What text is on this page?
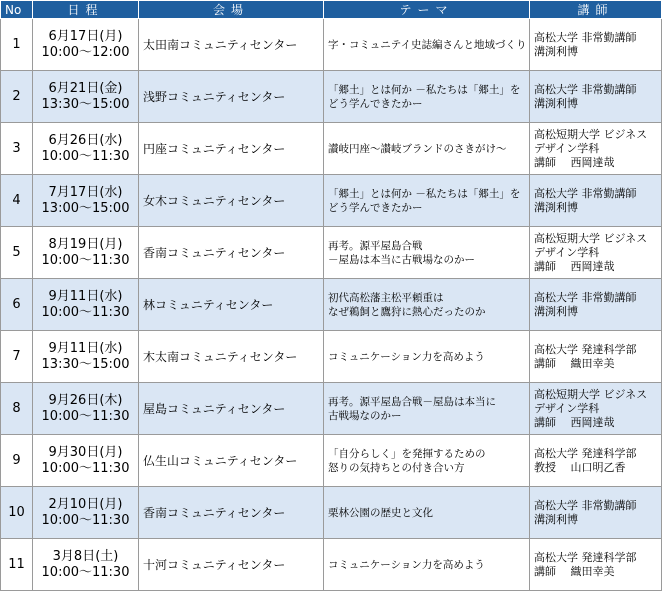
No	日程	会場	テーマ	講師
1	6月17日(月)
10:00～12:00	太田南コミュニティセンター	字・コミュニテイ史誌編さんと地域づくり	高松大学 非常勤講師
溝渕利博

2	6月21日(金)
13:30～15:00	浅野コミュニティセンター	「郷土」とは何か －私たちは「郷土」を
どう学んできたかー	高松大学 非常勤講師
溝渕利博

3	6月26日(水)
10:00～11:30	円座コミュニティセンター	讃岐円座～讃岐ブランドのさきがけ～	高松短期大学 ビジネス
デザイン学科
講師　 西岡達哉

4	7月17日(水)
13:00～15:00	女木コミュニティセンター	「郷土」とは何か －私たちは「郷土」を
どう学んできたかー	高松大学 非常勤講師
溝渕利博

5	8月19日(月)
10:00～11:30	香南コミュニティセンター	再考。源平屋島合戦
－屋島は本当に古戦場なのかー	高松短期大学 ビジネス
デザイン学科
講師　 西岡達哉

6	9月11日(水)
10:00～11:30	林コミュニティセンター	初代高松藩主松平頼重は
なぜ鵜飼と鷹狩に熱心だったのか	高松大学 非常勤講師
溝渕利博

7	9月11日(水)
13:30～15:00	木太南コミュニティセンター	コミュニケーション力を高めよう	高松大学 発達科学部
講師　 織田幸美

8	9月26日(木)
10:00～11:30	屋島コミュニティセンター	再考。源平屋島合戦－屋島は本当に
古戦場なのかー	高松短期大学 ビジネス
デザイン学科
講師　 西岡達哉

9	9月30日(月)
10:00～11:30	仏生山コミュニティセンター	「自分らしく」を発揮するための
怒りの気持ちとの付き合い方	高松大学 発達科学部
教授　 山口明乙香

10	2月10日(月)
10:00～11:30	香南コミュニティセンター	栗林公園の歴史と文化	高松大学 非常勤講師
溝渕利博

11	3月8日(土)
10:00～11:30	十河コミュニティセンター	コミュニケーション力を高めよう	高松大学 発達科学部
講師　 織田幸美
